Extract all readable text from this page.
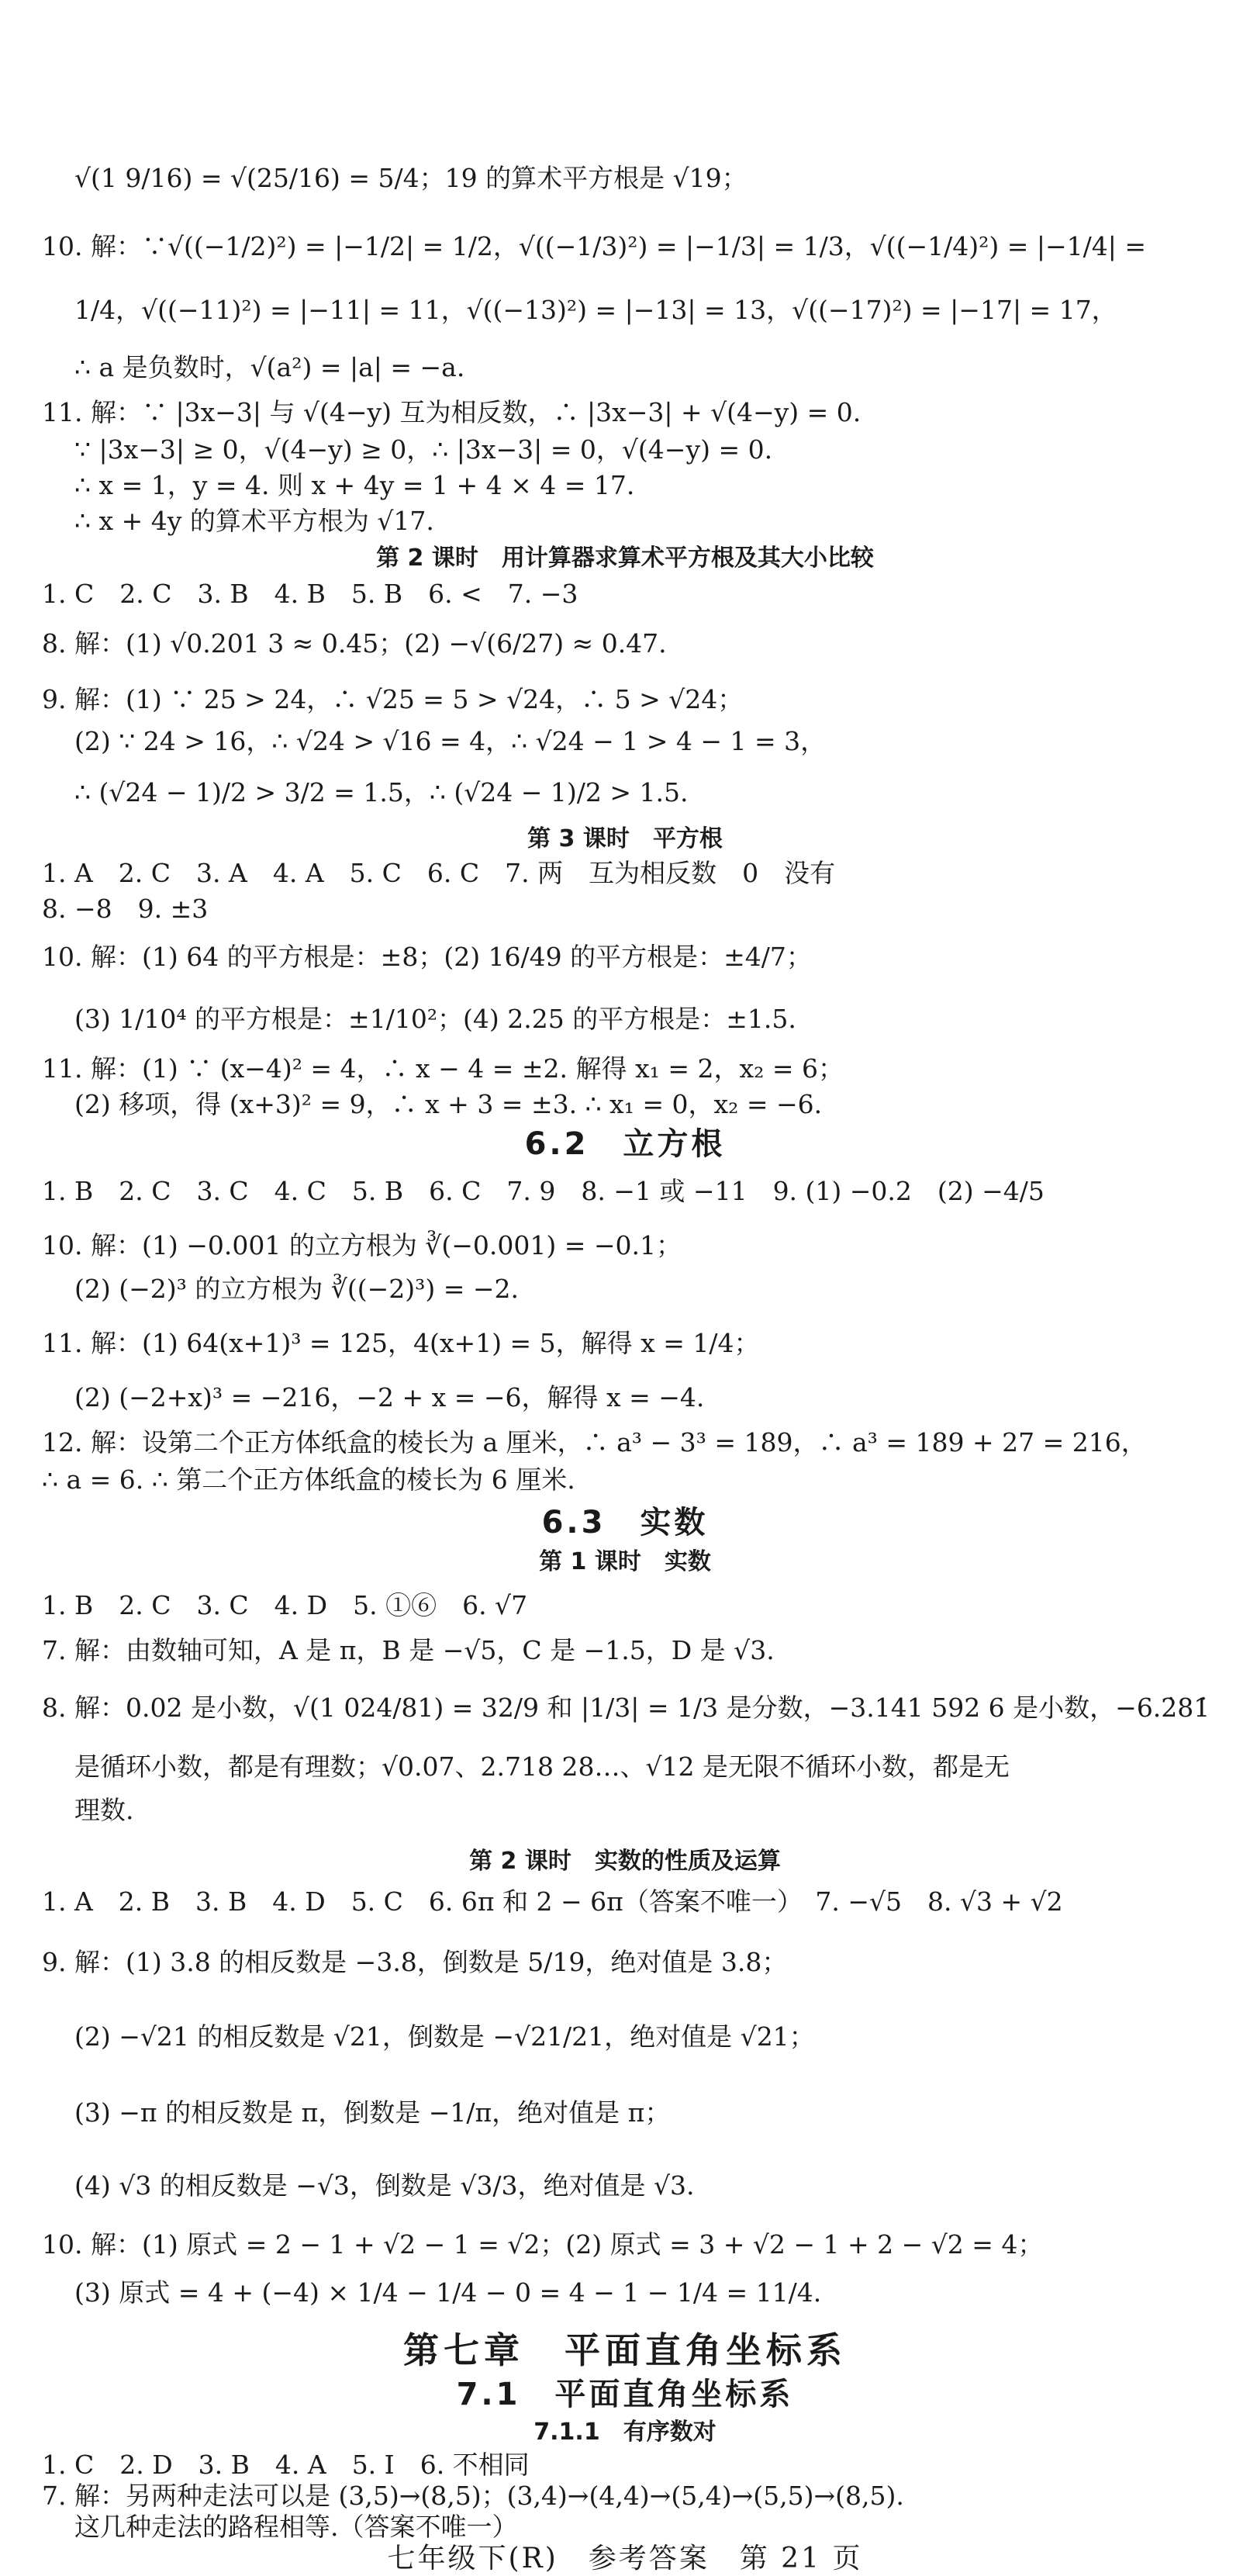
√(1 9/16) = √(25/16) = 5/4；19 的算术平方根是 √19；
10. 解：∵√((−1/2)²) = |−1/2| = 1/2，√((−1/3)²) = |−1/3| = 1/3，√((−1/4)²) = |−1/4| =
1/4，√((−11)²) = |−11| = 11，√((−13)²) = |−13| = 13，√((−17)²) = |−17| = 17，
∴ a 是负数时，√(a²) = |a| = −a.
11. 解：∵ |3x−3| 与 √(4−y) 互为相反数，∴ |3x−3| + √(4−y) = 0.
∵ |3x−3| ≥ 0，√(4−y) ≥ 0，∴ |3x−3| = 0，√(4−y) = 0.
∴ x = 1，y = 4. 则 x + 4y = 1 + 4 × 4 = 17.
∴ x + 4y 的算术平方根为 √17.
第 2 课时　用计算器求算术平方根及其大小比较
1. C　2. C　3. B　4. B　5. B　6. <　7. −3
8. 解：(1) √0.201 3 ≈ 0.45；(2) −√(6/27) ≈ 0.47.
9. 解：(1) ∵ 25 > 24，∴ √25 = 5 > √24，∴ 5 > √24；
(2) ∵ 24 > 16，∴ √24 > √16 = 4，∴ √24 − 1 > 4 − 1 = 3，
∴ (√24 − 1)/2 > 3/2 = 1.5，∴ (√24 − 1)/2 > 1.5.
第 3 课时　平方根
1. A　2. C　3. A　4. A　5. C　6. C　7. 两　互为相反数　0　没有
8. −8　9. ±3
10. 解：(1) 64 的平方根是：±8；(2) 16/49 的平方根是：±4/7；
(3) 1/10⁴ 的平方根是：±1/10²；(4) 2.25 的平方根是：±1.5.
11. 解：(1) ∵ (x−4)² = 4，∴ x − 4 = ±2. 解得 x₁ = 2，x₂ = 6；
(2) 移项，得 (x+3)² = 9，∴ x + 3 = ±3. ∴ x₁ = 0，x₂ = −6.
6.2　立方根
1. B　2. C　3. C　4. C　5. B　6. C　7. 9　8. −1 或 −11　9. (1) −0.2　(2) −4/5
10. 解：(1) −0.001 的立方根为 ∛(−0.001) = −0.1；
(2) (−2)³ 的立方根为 ∛((−2)³) = −2.
11. 解：(1) 64(x+1)³ = 125，4(x+1) = 5，解得 x = 1/4；
(2) (−2+x)³ = −216，−2 + x = −6，解得 x = −4.
12. 解：设第二个正方体纸盒的棱长为 a 厘米，∴ a³ − 3³ = 189，∴ a³ = 189 + 27 = 216，
∴ a = 6. ∴ 第二个正方体纸盒的棱长为 6 厘米.
6.3　实数
第 1 课时　实数
1. B　2. C　3. C　4. D　5. ①⑥　6. √7
7. 解：由数轴可知，A 是 π，B 是 −√5，C 是 −1.5，D 是 √3.
8. 解：0.02 是小数，√(1 024/81) = 32/9 和 |1/3| = 1/3 是分数，−3.141 592 6 是小数，−6.2̇81̇
是循环小数，都是有理数；√0.07、2.718 28…、√12 是无限不循环小数，都是无
理数.
第 2 课时　实数的性质及运算
1. A　2. B　3. B　4. D　5. C　6. 6π 和 2 − 6π（答案不唯一）　7. −√5　8. √3 + √2
9. 解：(1) 3.8 的相反数是 −3.8，倒数是 5/19，绝对值是 3.8；
(2) −√21 的相反数是 √21，倒数是 −√21/21，绝对值是 √21；
(3) −π 的相反数是 π，倒数是 −1/π，绝对值是 π；
(4) √3 的相反数是 −√3，倒数是 √3/3，绝对值是 √3.
10. 解：(1) 原式 = 2 − 1 + √2 − 1 = √2；(2) 原式 = 3 + √2 − 1 + 2 − √2 = 4；
(3) 原式 = 4 + (−4) × 1/4 − 1/4 − 0 = 4 − 1 − 1/4 = 11/4.
第七章　平面直角坐标系
7.1　平面直角坐标系
7.1.1　有序数对
1. C　2. D　3. B　4. A　5. I　6. 不相同
7. 解：另两种走法可以是 (3,5)→(8,5)；(3,4)→(4,4)→(5,4)→(5,5)→(8,5).
这几种走法的路程相等.（答案不唯一）
七年级下(R)　参考答案　第 21 页
